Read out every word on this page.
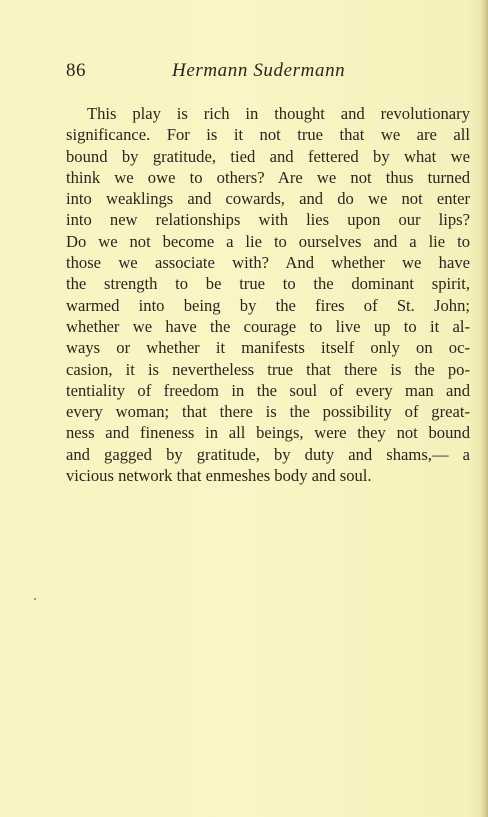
86	Hermann Sudermann
This play is rich in thought and revolutionary
significance. For is it not true that we are all
bound by gratitude, tied and fettered by what we
think we owe to others? Are we not thus turned
into weaklings and cowards, and do we not enter
into new relationships with lies upon our lips?
Do we not become a lie to ourselves and a lie to
those we associate with? And whether we have
the strength to be true to the dominant spirit,
warmed into being by the fires of St. John;
whether we have the courage to live up to it al-
ways or whether it manifests itself only on oc-
casion, it is nevertheless true that there is the po-
tentiality of freedom in the soul of every man and
every woman; that there is the possibility of great-
ness and fineness in all beings, were they not bound
and gagged by gratitude, by duty and shams,— a
vicious network that enmeshes body and soul.
